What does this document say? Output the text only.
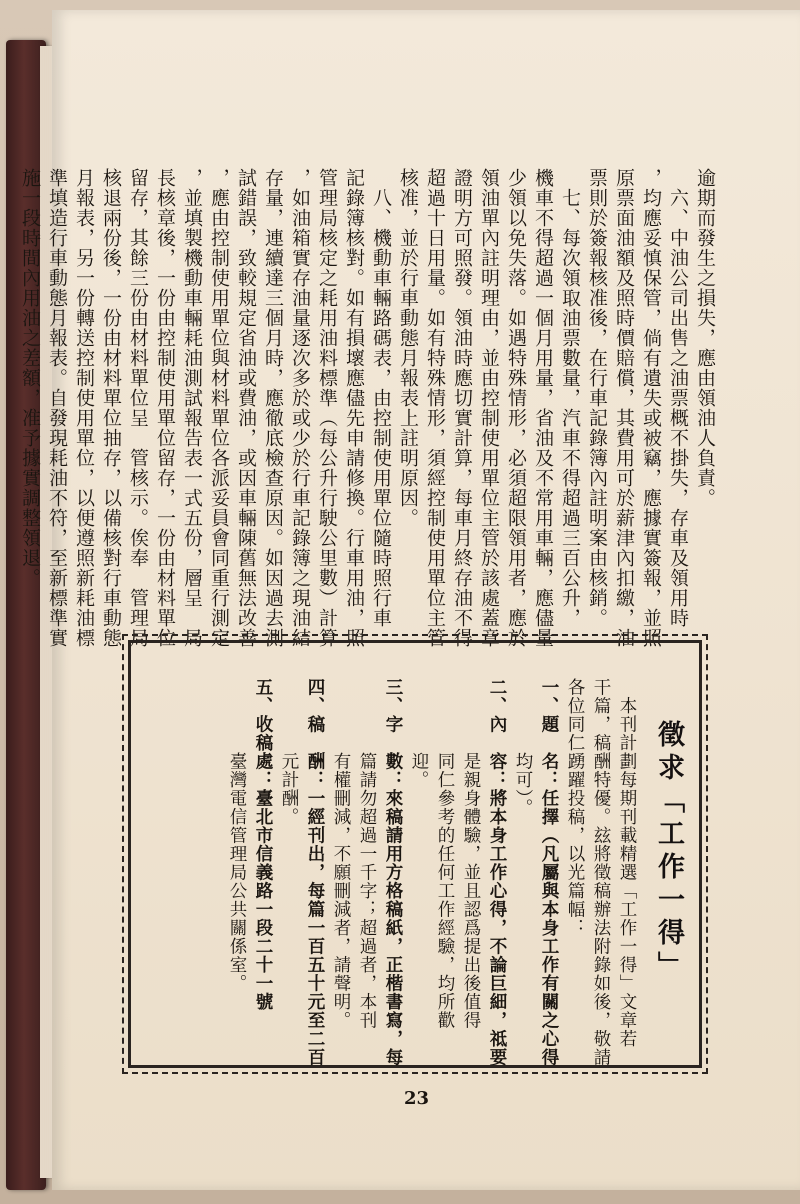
逾期而發生之損失，應由領油人負責。
　六、中油公司出售之油票概不掛失，存車及領用時
，均應妥慎保管，倘有遺失或被竊，應據實簽報，並照
原票面油額及照時價賠償，其費用可於薪津內扣繳，油
票則於簽報核准後，在行車記錄簿內註明案由核銷。
　七、每次領取油票數量，汽車不得超過三百公升，
機車不得超過一個月用量，省油及不常用車輛，應儘量
少領以免失落。如遇特殊情形，必須超限領用者，應於
領油單內註明理由，並由控制使用單位主管於該處蓋章
證明方可照發。領油時應切實計算，每車月終存油不得
超過十日用量。如有特殊情形，須經控制使用單位主管
核准，並於行車動態月報表上註明原因。
　八、機動車輛路碼表，由控制使用單位隨時照行車
記錄簿核對。如有損壞應儘先申請修換。行車用油，照
管理局核定之耗用油料標準（每公升行駛公里數）計算
，如油箱實存油量逐次多於或少於行車記錄簿之現油結
存量，連續達三個月時，應徹底檢查原因。如因過去測
試錯誤，致較規定省油或費油，或因車輛陳舊無法改善
，應由控制使用單位與材料單位各派妥員會同重行測定
，並填製機動車輛耗油測試報告表一式五份，層呈　局
長核章後，一份由控制使用單位留存，一份由材料單位
留存，其餘三份由材料單位呈　管核示。俟奉　管理局
核退兩份後，一份由材料單位抽存，以備核對行車動態
月報表，另一份轉送控制使用單位，以便遵照新耗油標
準填造行車動態月報表。自發現耗油不符，至新標準實
施一段時間內用油之差額，准予據實調整領退。
徵求「工作一得」
　本刊計劃每期刊載精選「工作一得」文章若
干篇，稿酬特優。玆將徵稿辦法附錄如後，敬請
各位同仁踴躍投稿，以光篇幅：
一、題　名：任擇（凡屬與本身工作有關之心得
　　　　均可）。
二、內　容：將本身工作心得，不論巨細，祗要
　　　　是親身體驗，並且認爲提出後值得
　　　　同仁參考的任何工作經驗，均所歡
　　　　迎。
三、字　數：來稿請用方格稿紙，正楷書寫，每
　　　　篇請勿超過一千字；超過者，本刊
　　　　有權刪減，不願刪減者，請聲明。
四、稿　酬：一經刊出，每篇一百五十元至二百
　　　　元計酬。
五、收稿處：臺北市信義路一段二十一號
　　　　臺灣電信管理局公共關係室。
23
